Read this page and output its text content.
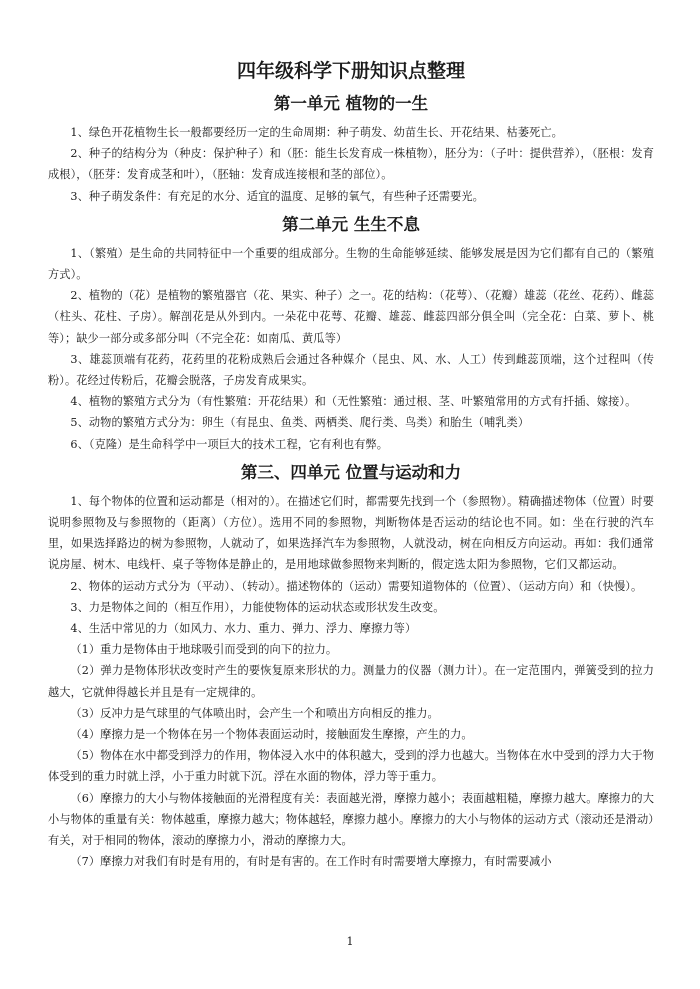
四年级科学下册知识点整理
第一单元 植物的一生

1、绿色开花植物生长一般都要经历一定的生命周期：种子萌发、幼苗生长、开花结果、枯萎死亡。

2、种子的结构分为（种皮：保护种子）和（胚：能生长发育成一株植物），胚分为：（子叶：提供营养），（胚根：发育成根），（胚芽：发育成茎和叶），（胚轴：发育成连接根和茎的部位）。

3、种子萌发条件：有充足的水分、适宜的温度、足够的氧气，有些种子还需要光。

第二单元 生生不息

1、（繁殖）是生命的共同特征中一个重要的组成部分。生物的生命能够延续、能够发展是因为它们都有自己的（繁殖方式）。

2、植物的（花）是植物的繁殖器官（花、果实、种子）之一。花的结构：（花萼）、（花瓣）雄蕊（花丝、花药）、雌蕊（柱头、花柱、子房）。解剖花是从外到内。一朵花中花萼、花瓣、雄蕊、雌蕊四部分俱全叫（完全花：白菜、萝卜、桃等）；缺少一部分或多部分叫（不完全花：如南瓜、黄瓜等）

3、雄蕊顶端有花药，花药里的花粉成熟后会通过各种媒介（昆虫、风、水、人工）传到雌蕊顶端，这个过程叫（传粉）。花经过传粉后，花瓣会脱落，子房发育成果实。

4、植物的繁殖方式分为（有性繁殖：开花结果）和（无性繁殖：通过根、茎、叶繁殖常用的方式有扦插、嫁接）。

5、动物的繁殖方式分为：卵生（有昆虫、鱼类、两栖类、爬行类、鸟类）和胎生（哺乳类）

6、（克隆）是生命科学中一项巨大的技术工程，它有利也有弊。

第三、四单元 位置与运动和力

1、每个物体的位置和运动都是（相对的）。在描述它们时，都需要先找到一个（参照物）。精确描述物体（位置）时要说明参照物及与参照物的（距离）（方位）。选用不同的参照物，判断物体是否运动的结论也不同。如：坐在行驶的汽车里，如果选择路边的树为参照物，人就动了，如果选择汽车为参照物，人就没动，树在向相反方向运动。再如：我们通常说房屋、树木、电线杆、桌子等物体是静止的，是用地球做参照物来判断的，假定选太阳为参照物，它们又都运动。

2、物体的运动方式分为（平动）、（转动）。描述物体的（运动）需要知道物体的（位置）、（运动方向）和（快慢）。

3、力是物体之间的（相互作用），力能使物体的运动状态或形状发生改变。

4、生活中常见的力（如风力、水力、重力、弹力、浮力、摩擦力等）

（1）重力是物体由于地球吸引而受到的向下的拉力。

（2）弹力是物体形状改变时产生的要恢复原来形状的力。测量力的仪器（测力计）。在一定范围内，弹簧受到的拉力越大，它就伸得越长并且是有一定规律的。

（3）反冲力是气球里的气体喷出时，会产生一个和喷出方向相反的推力。

（4）摩擦力是一个物体在另一个物体表面运动时，接触面发生摩擦，产生的力。

（5）物体在水中都受到浮力的作用，物体浸入水中的体积越大，受到的浮力也越大。当物体在水中受到的浮力大于物体受到的重力时就上浮，小于重力时就下沉。浮在水面的物体，浮力等于重力。

（6）摩擦力的大小与物体接触面的光滑程度有关：表面越光滑，摩擦力越小；表面越粗糙，摩擦力越大。摩擦力的大小与物体的重量有关：物体越重，摩擦力越大；物体越轻，摩擦力越小。摩擦力的大小与物体的运动方式（滚动还是滑动）有关，对于相同的物体，滚动的摩擦力小，滑动的摩擦力大。

（7）摩擦力对我们有时是有用的，有时是有害的。在工作时有时需要增大摩擦力，有时需要减小

1
